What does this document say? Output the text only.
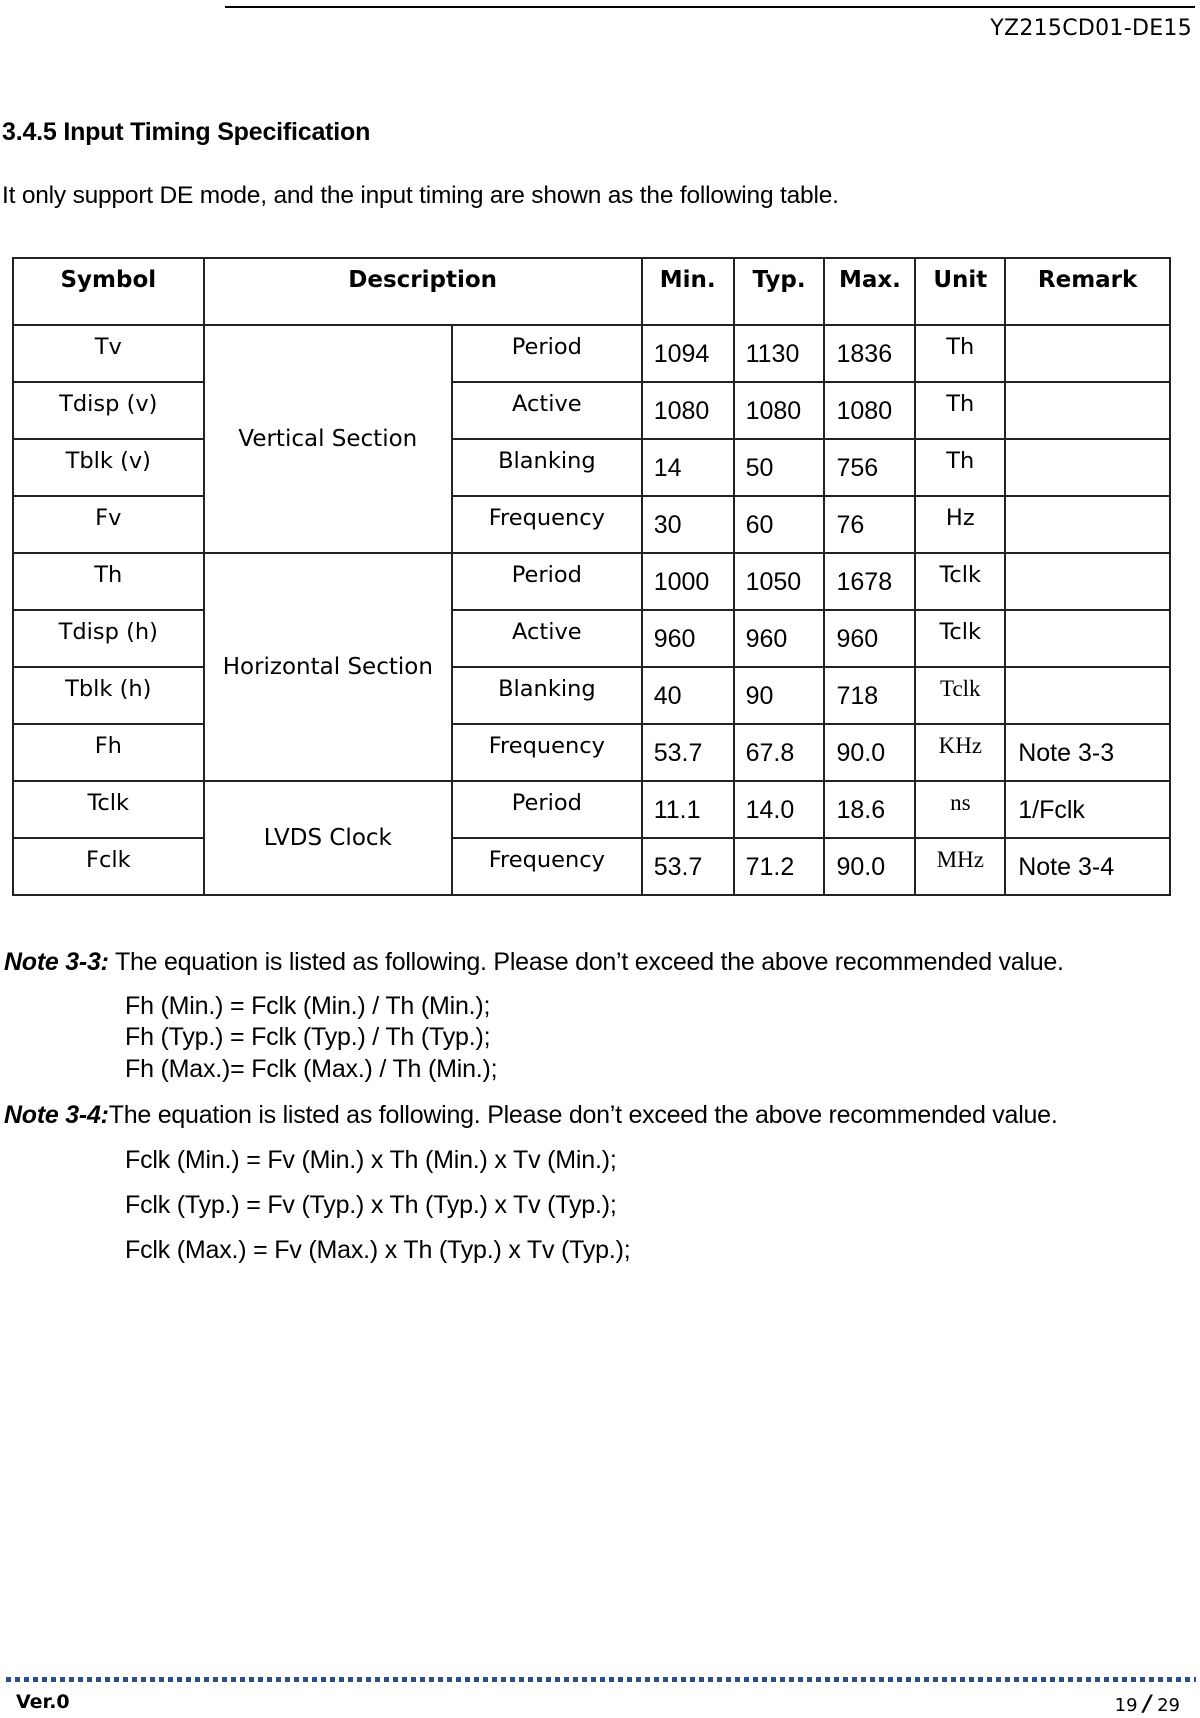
YZ215CD01-DE15
3.4.5 Input Timing Specification
It only support DE mode, and the input timing are shown as the following table.
Symbol	Description		Min.	Typ.	Max.	Unit	Remark
Tv	Vertical Section	Period	1094	1130	1836	Th	
Tdisp (v)		Active	1080	1080	1080	Th	
Tblk (v)		Blanking	14	50	756	Th	
Fv		Frequency	30	60	76	Hz	
Th	Horizontal Section	Period	1000	1050	1678	Tclk	
Tdisp (h)		Active	960	960	960	Tclk	
Tblk (h)		Blanking	40	90	718	Tclk	
Fh		Frequency	53.7	67.8	90.0	KHz	Note 3-3
Tclk	LVDS Clock	Period	11.1	14.0	18.6	ns	1/Fclk
Fclk		Frequency	53.7	71.2	90.0	MHz	Note 3-4
Note 3-3: The equation is listed as following. Please don’t exceed the above recommended value.
Fh (Min.) = Fclk (Min.) / Th (Min.);
Fh (Typ.) = Fclk (Typ.) / Th (Typ.);
Fh (Max.)= Fclk (Max.) / Th (Min.);
Note 3-4:The equation is listed as following. Please don’t exceed the above recommended value.
Fclk (Min.) = Fv (Min.) x Th (Min.) x Tv (Min.);
Fclk (Typ.) = Fv (Typ.) x Th (Typ.) x Tv (Typ.);
Fclk (Max.) = Fv (Max.) x Th (Typ.) x Tv (Typ.);
Ver.0	19 / 29
